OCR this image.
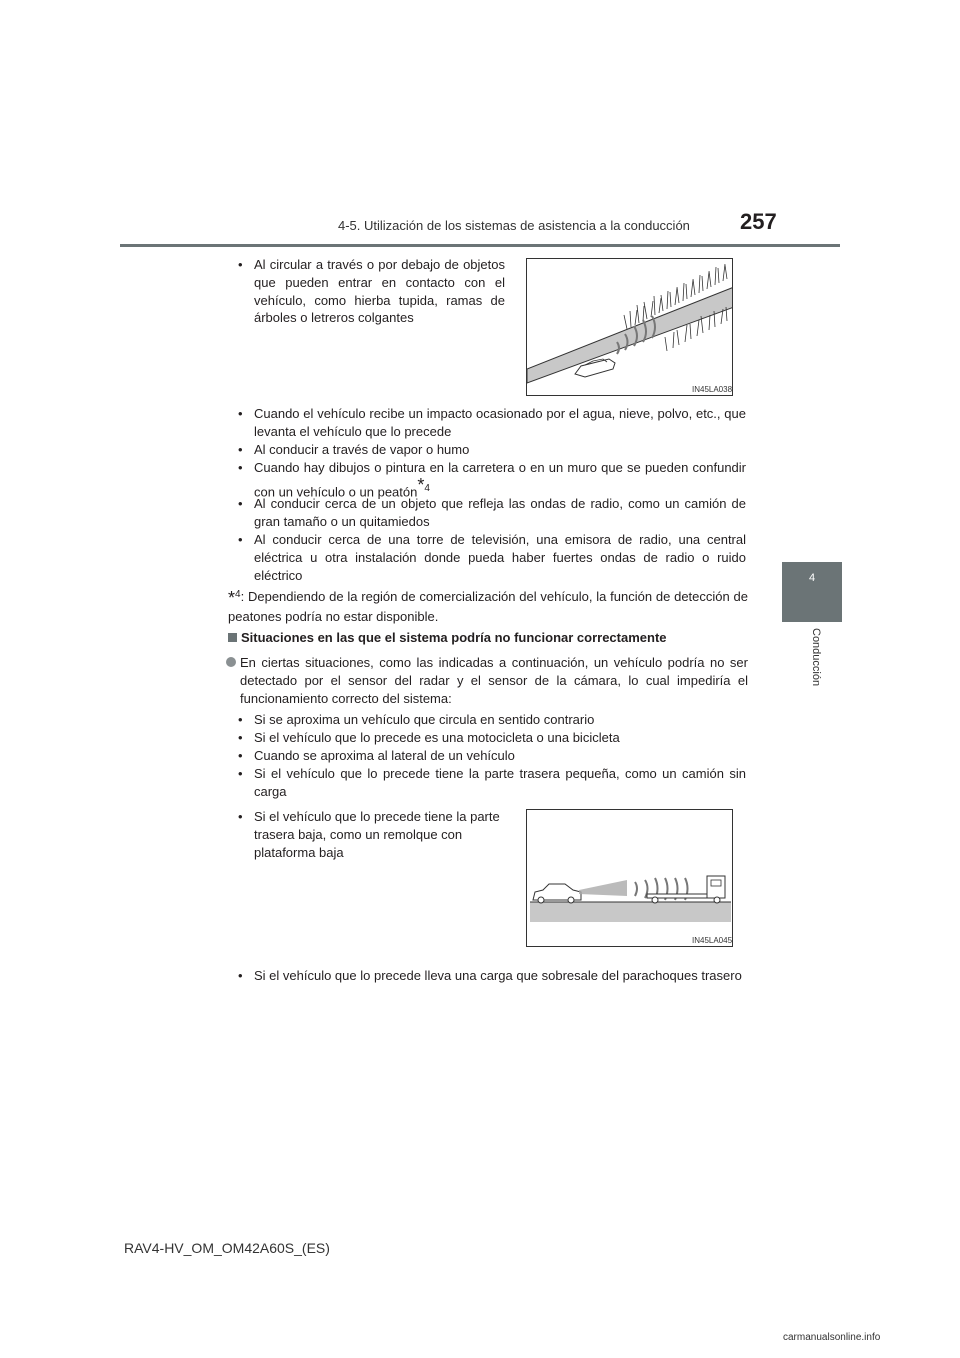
4-5. Utilización de los sistemas de asistencia a la conducción 257
4
Conducción
• Al circular a través o por debajo de objetos que pueden entrar en contacto con el vehículo, como hierba tupida, ramas de árboles o letreros colgantes
IN45LA038
• Cuando el vehículo recibe un impacto ocasionado por el agua, nieve, polvo, etc., que levanta el vehículo que lo precede
• Al conducir a través de vapor o humo
• Cuando hay dibujos o pintura en la carretera o en un muro que se pueden confundir con un vehículo o un peatón$^{*4}$
• Al conducir cerca de un objeto que refleja las ondas de radio, como un camión de gran tamaño o un quitamiedos
• Al conducir cerca de una torre de televisión, una emisora de radio, una central eléctrica u otra instalación donde pueda haber fuertes ondas de radio o ruido eléctrico
*$^4$: Dependiendo de la región de comercialización del vehículo, la función de detección de peatones podría no estar disponible.
Situaciones en las que el sistema podría no funcionar correctamente
En ciertas situaciones, como las indicadas a continuación, un vehículo podría no ser detectado por el sensor del radar y el sensor de la cámara, lo cual impediría el funcionamiento correcto del sistema:
• Si se aproxima un vehículo que circula en sentido contrario
• Si el vehículo que lo precede es una motocicleta o una bicicleta
• Cuando se aproxima al lateral de un vehículo
• Si el vehículo que lo precede tiene la parte trasera pequeña, como un camión sin carga
• Si el vehículo que lo precede tiene la parte trasera baja, como un remolque con plataforma baja
IN45LA045
• Si el vehículo que lo precede lleva una carga que sobresale del parachoques trasero
RAV4-HV_OM_OM42A60S_(ES)
carmanualsonline.info
